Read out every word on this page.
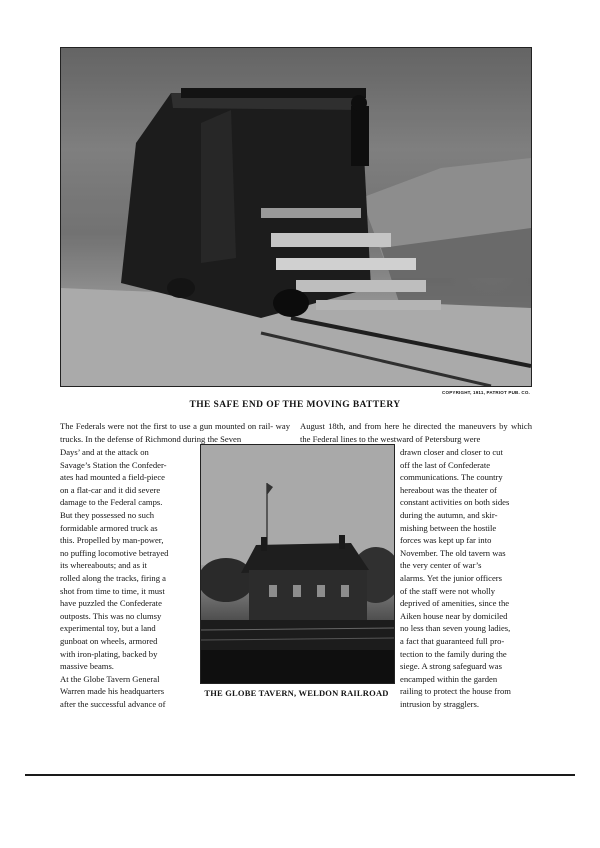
COPYRIGHT, 1911, PATRIOT PUB. CO.
THE SAFE END OF THE MOVING BATTERY
The Federals were not the first to use a gun mounted on rail- way trucks. In the defense of Richmond during the Seven
August 18th, and from here he directed the maneuvers by which the Federal lines to the westward of Petersburg were
Days’ and at the attack on
Savage’s Station the Confeder-
ates had mounted a field-piece
on a flat-car and it did severe
damage to the Federal camps.
But they possessed no such
formidable armored truck as
this. Propelled by man-power,
no puffing locomotive betrayed
its whereabouts; and as it
rolled along the tracks, firing a
shot from time to time, it must
have puzzled the Confederate
outposts. This was no clumsy
experimental toy, but a land
gunboat on wheels, armored
with iron-plating, backed by
massive beams.
At the Globe Tavern General
Warren made his headquarters
after the successful advance of
THE GLOBE TAVERN, WELDON RAILROAD
drawn closer and closer to cut
off the last of Confederate
communications. The country
hereabout was the theater of
constant activities on both sides
during the autumn, and skir-
mishing between the hostile
forces was kept up far into
November. The old tavern was
the very center of war’s
alarms. Yet the junior officers
of the staff were not wholly
deprived of amenities, since the
Aiken house near by domiciled
no less than seven young ladies,
a fact that guaranteed full pro-
tection to the family during the
siege. A strong safeguard was
encamped within the garden
railing to protect the house from
intrusion by stragglers.
